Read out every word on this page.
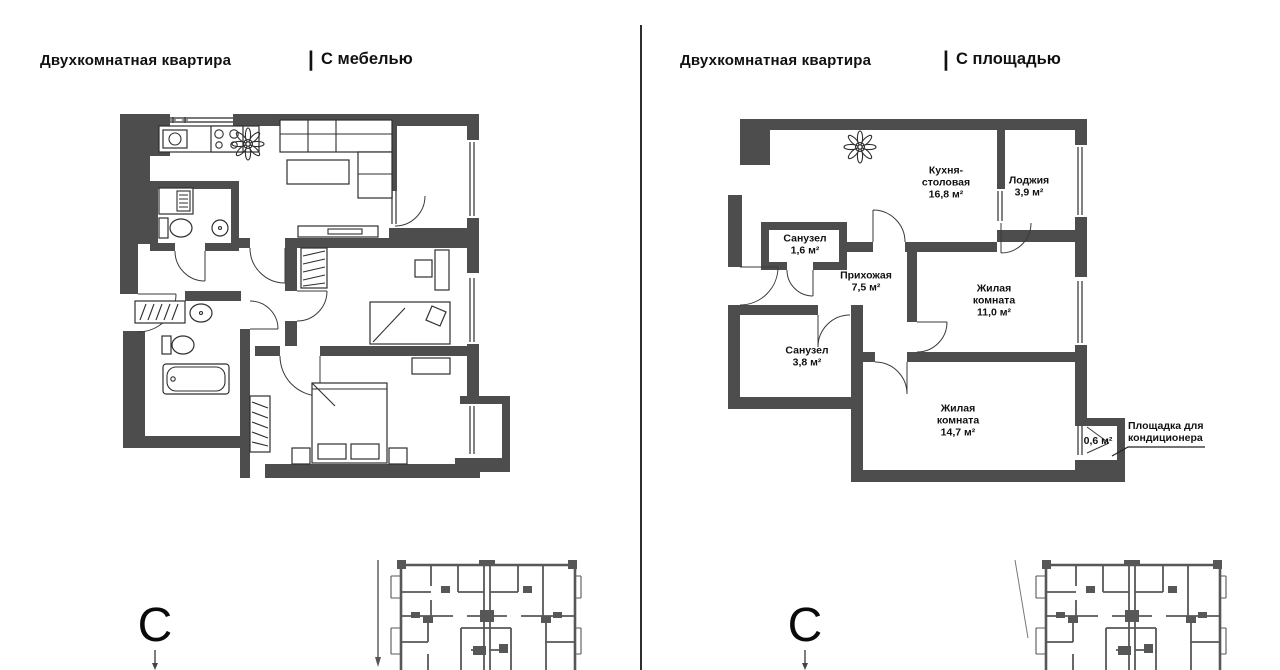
Двухкомнатная квартира	| С мебелью
С
Двухкомнатная квартира	| С площадью
Кухня-
столовая
16,8 м²
Лоджия
3,9 м²
Санузел
1,6 м²
Прихожая
7,5 м²	Жилая
комната
11,0 м²
Санузел
3,8 м²
Жилая
комната
14,7 м²
0,6 м²
Площадка для
кондиционера
С
